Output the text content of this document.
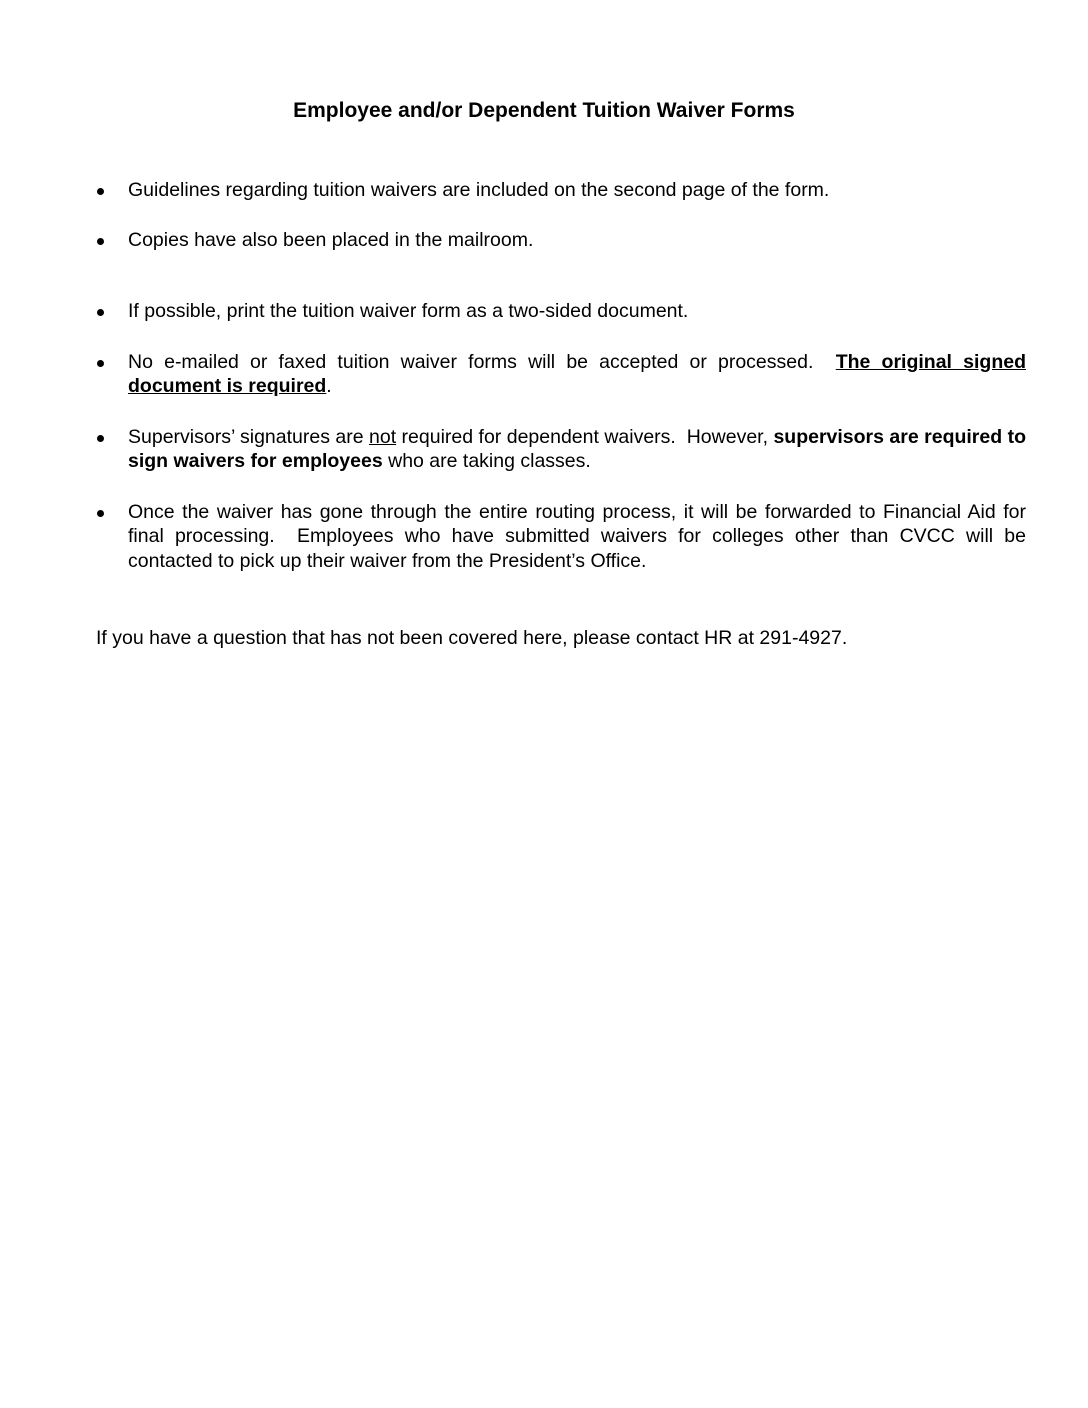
Employee and/or Dependent Tuition Waiver Forms
Guidelines regarding tuition waivers are included on the second page of the form.
Copies have also been placed in the mailroom.
If possible, print the tuition waiver form as a two-sided document.
No e-mailed or faxed tuition waiver forms will be accepted or processed.  The original signed document is required.
Supervisors’ signatures are not required for dependent waivers.  However, supervisors are required to sign waivers for employees who are taking classes.
Once the waiver has gone through the entire routing process, it will be forwarded to Financial Aid for final processing.  Employees who have submitted waivers for colleges other than CVCC will be contacted to pick up their waiver from the President’s Office.
If you have a question that has not been covered here, please contact HR at 291-4927.
